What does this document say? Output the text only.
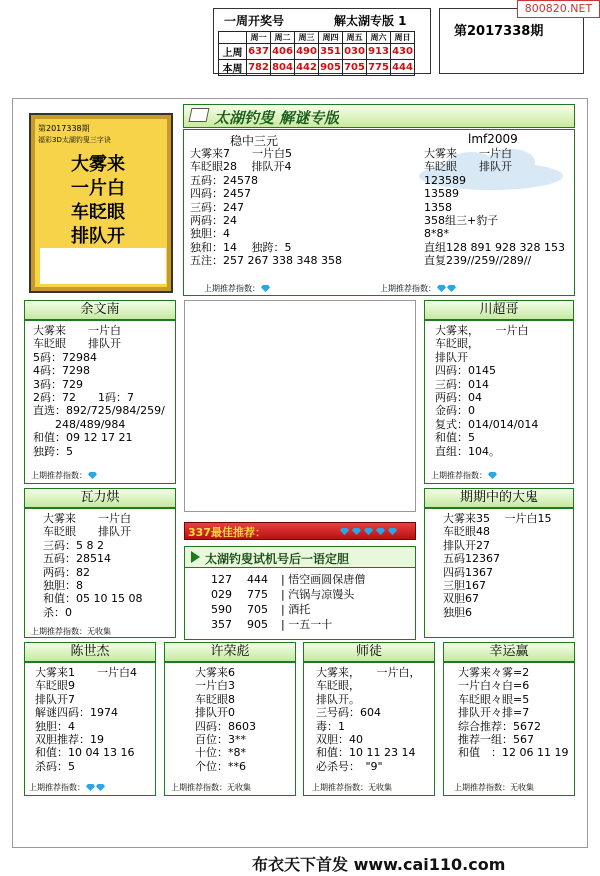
一周开奖号	解太湖专版 1
	周一	周二	周三	周四	周五	周六	周日
上周	637	406	490	351	030	913	430
本周	782	804	442	905	705	775	444
第2017338期
800820.NET
第2017338期
福彩3D太湖钓叟三字诀
大雾来
一片白
车眨眼
排队开
太湖钓叟 解谜专版
稳中三元
大雾来7　　一片白5
车眨眼28　 排队开4
五码：24578
四码：2457
三码：247
两码：24
独胆：4
独和：14　 独跨：5
五注：257 267 338 348 358
lmf2009
大雾来　　一片白
车眨眼　　排队开
123589
13589
1358
358组三+豹子
8*8*
直组128 891 928 328 153
直复239//259//289//
上期推荐指数：	上期推荐指数：
余文南
大雾来　　一片白
车眨眼　　排队开
5码：72984
4码：7298
3码：729
2码：72　　1码：7
直选：892/725/984/259/
　　248/489/984
和值：09 12 17 21
独跨：5
上期推荐指数：
川超哥
大雾来，　　一片白
车眨眼，
排队开
四码：0145
三码：014
两码：04
金码：0
复式：014/014/014
和值：5
直组：104。
上期推荐指数：
瓦力烘
大雾来　　一片白
车眨眼　　排队开
三码：5 8 2
五码：28514
两码：82
独胆：8
和值：05 10 15 08
杀：0
上期推荐指数：无收集
期期中的大鬼
大雾来35　 一片白15
车眨眼48
排队开27
五码12367
四码1367
三胆167
双胆67
独胆6
337最佳推荐：
太湖钓叟试机号后一语定胆
127 444 | 悟空画圆保唐僧
029 775 | 汽锅与凉馒头
590 705 | 酒托
357 905 | 一五一十
陈世杰
大雾来1　　一片白4
车眨眼9
排队开7
解谜四码：1974
独胆：4
双胆推荐：19
和值：10 04 13 16
杀码：5
上期推荐指数：
许荣彪
大雾来6
一片白3
车眨眼8
排队开0
四码：8603
百位：3**
十位：*8*
个位：**6
上期推荐指数：无收集
师徒
大雾来，　　一片白，
车眨眼，
排队开。
三号码：604
毒：1
双胆：40
和值：10 11 23 14
必杀号：　"9"
上期推荐指数：无收集
幸运赢
大雾来々雾=2
一片白々白=6
车眨眼々眼=5
排队开々排=7
综合推荐：5672
推荐一组：567
和值　：12 06 11 19
上期推荐指数：无收集
布衣天下首发 www.cai110.com
